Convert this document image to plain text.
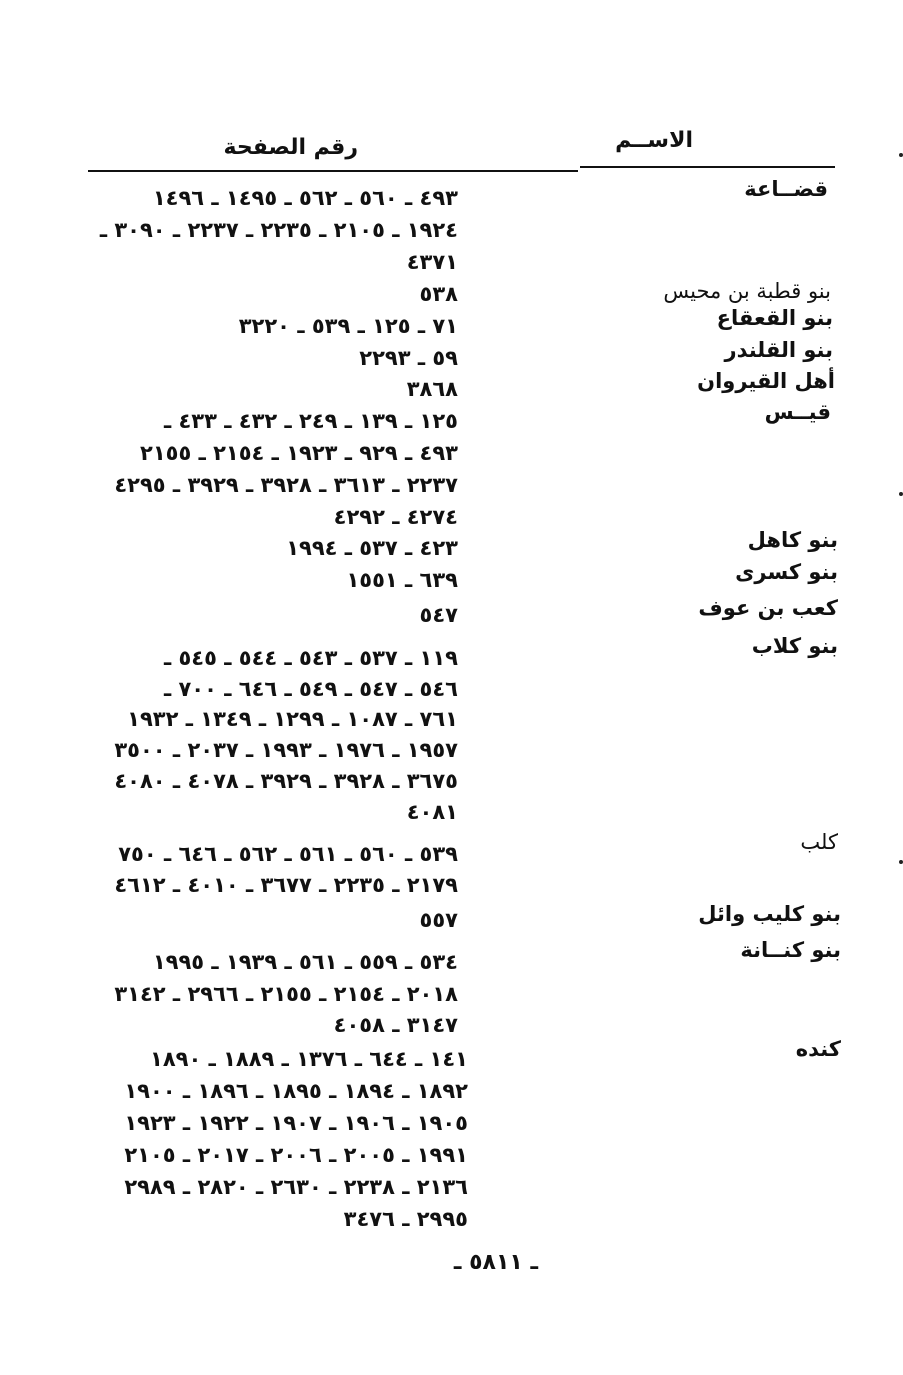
الاســم
رقم الصفحة
قضــاعة
٤٩٣ ـ ٥٦٠ ـ ٥٦٢ ـ ١٤٩٥ ـ ١٤٩٦
١٩٢٤ ـ ٢١٠٥ ـ ٢٢٣٥ ـ ٢٢٣٧ ـ ٣٠٩٠ ـ
٤٣٧١
بنو قطبة بن محيس
٥٣٨
بنو القعقاع
٧١ ـ ١٢٥ ـ ٥٣٩ ـ ٣٢٢٠
بنو القلندر
٥٩ ـ ٢٢٩٣
أهل القيروان
٣٨٦٨
قيــس
١٢٥ ـ ١٣٩ ـ ٢٤٩ ـ ٤٣٢ ـ ٤٣٣ ـ
٤٩٣ ـ ٩٢٩ ـ ١٩٢٣ ـ ٢١٥٤ ـ ٢١٥٥
٢٢٣٧ ـ ٣٦١٣ ـ ٣٩٢٨ ـ ٣٩٢٩ ـ ٤٢٩٥
٤٢٧٤ ـ ٤٢٩٢
بنو كاهل
٤٢٣ ـ ٥٣٧ ـ ١٩٩٤
بنو كسرى
٦٣٩ ـ ١٥٥١
كعب بن عوف
٥٤٧
بنو كلاب
١١٩ ـ ٥٣٧ ـ ٥٤٣ ـ ٥٤٤ ـ ٥٤٥ ـ
٥٤٦ ـ ٥٤٧ ـ ٥٤٩ ـ ٦٤٦ ـ ٧٠٠ ـ
٧٦١ ـ ١٠٨٧ ـ ١٢٩٩ ـ ١٣٤٩ ـ ١٩٣٢
١٩٥٧ ـ ١٩٧٦ ـ ١٩٩٣ ـ ٢٠٣٧ ـ ٣٥٠٠
٣٦٧٥ ـ ٣٩٢٨ ـ ٣٩٢٩ ـ ٤٠٧٨ ـ ٤٠٨٠
٤٠٨١
كلب
٥٣٩ ـ ٥٦٠ ـ ٥٦١ ـ ٥٦٢ ـ ٦٤٦ ـ ٧٥٠
٢١٧٩ ـ ٢٢٣٥ ـ ٣٦٧٧ ـ ٤٠١٠ ـ ٤٦١٢
بنو كليب وائل
٥٥٧
بنو كنــانة
٥٣٤ ـ ٥٥٩ ـ ٥٦١ ـ ١٩٣٩ ـ ١٩٩٥
٢٠١٨ ـ ٢١٥٤ ـ ٢١٥٥ ـ ٢٩٦٦ ـ ٣١٤٢
٣١٤٧ ـ ٤٠٥٨
كنده
١٤١ ـ ٦٤٤ ـ ١٣٧٦ ـ ١٨٨٩ ـ ١٨٩٠
١٨٩٢ ـ ١٨٩٤ ـ ١٨٩٥ ـ ١٨٩٦ ـ ١٩٠٠
١٩٠٥ ـ ١٩٠٦ ـ ١٩٠٧ ـ ١٩٢٢ ـ ١٩٢٣
١٩٩١ ـ ٢٠٠٥ ـ ٢٠٠٦ ـ ٢٠١٧ ـ ٢١٠٥
٢١٣٦ ـ ٢٢٣٨ ـ ٢٦٣٠ ـ ٢٨٢٠ ـ ٢٩٨٩
٢٩٩٥ ـ ٣٤٧٦
ـ ٥٨١١ ـ
